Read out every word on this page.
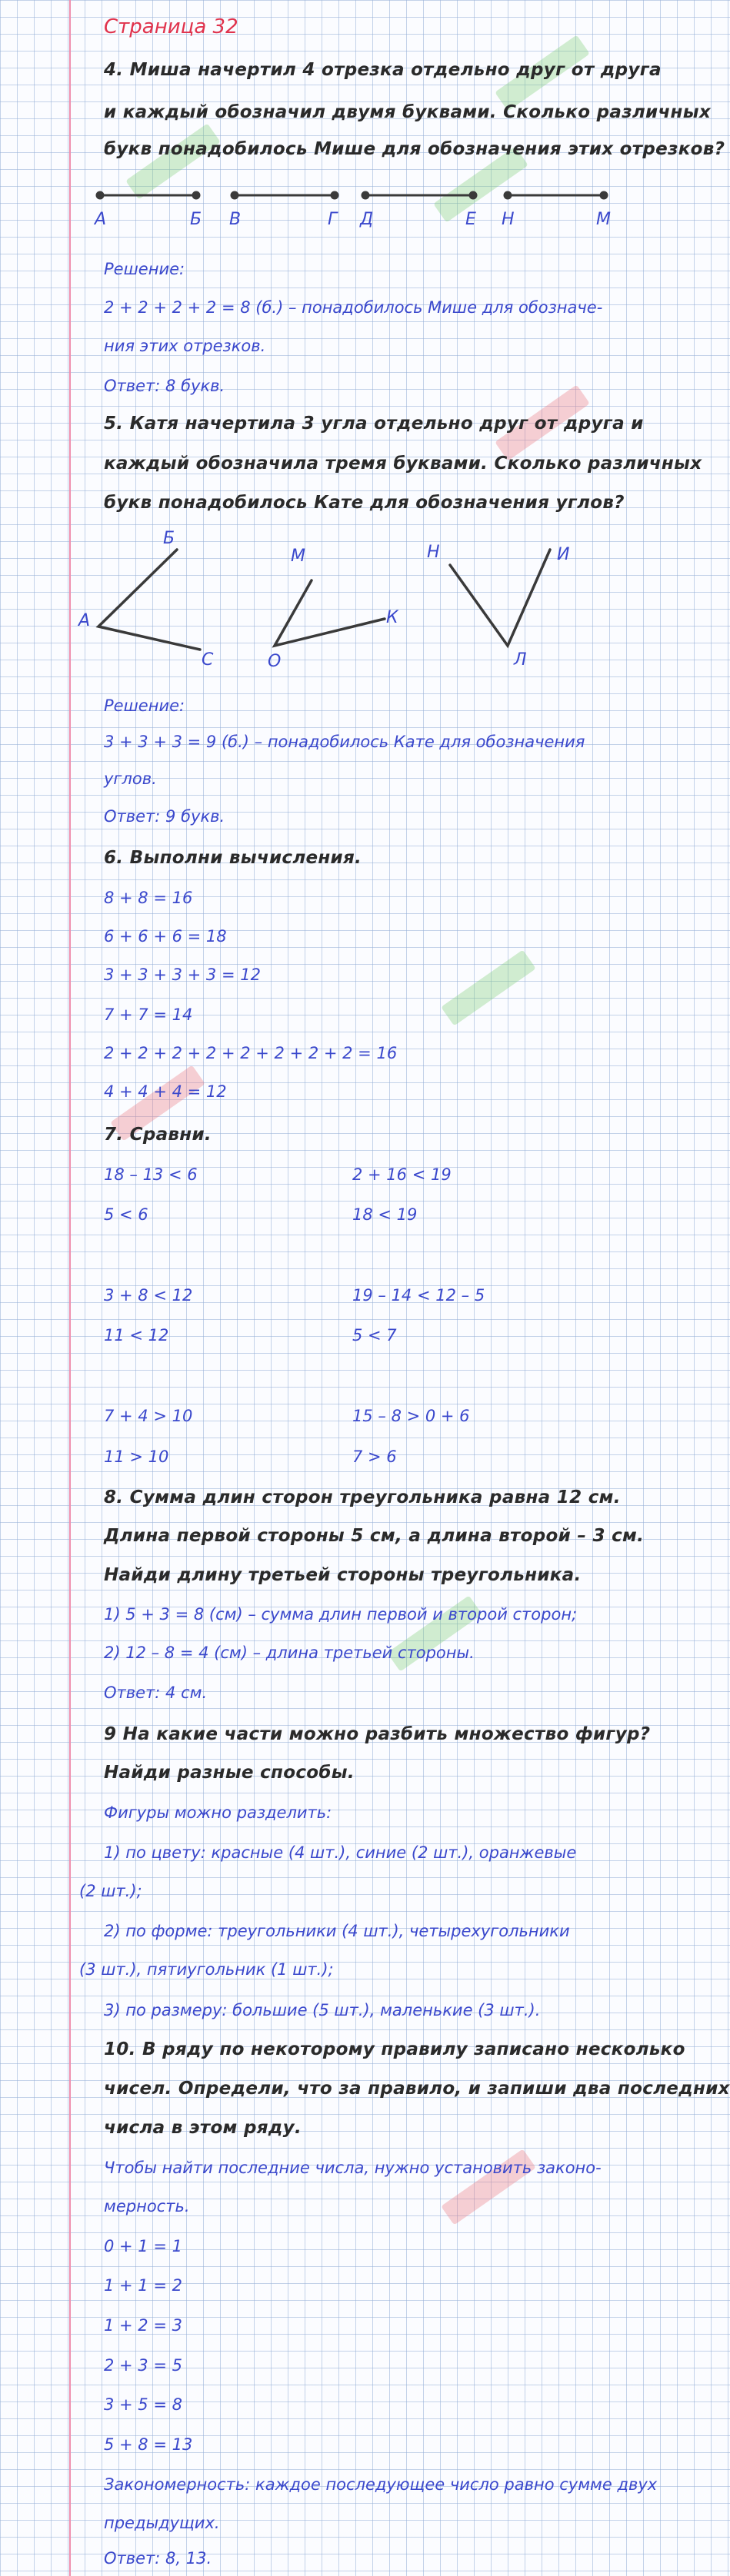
Страница 32
4. Миша начертил 4 отрезка отдельно друг от друга
и каждый обозначил двумя буквами. Сколько различных
букв понадобилось Мише для обозначения этих отрезков?
А	Б В	Г Д	Е Н	М
Решение:
2 + 2 + 2 + 2 = 8 (б.) – понадобилось Мише для обозначе-
ния этих отрезков.
Ответ: 8 букв.
5. Катя начертила 3 угла отдельно друг от друга и
каждый обозначила тремя буквами. Сколько различных
букв понадобилось Кате для обозначения углов?
Б
А
С
М
О
К
Н	И
Л
Решение:
3 + 3 + 3 = 9 (б.) – понадобилось Кате для обозначения
углов.
Ответ: 9 букв.
6. Выполни вычисления.
8 + 8 = 16
6 + 6 + 6 = 18
3 + 3 + 3 + 3 = 12
7 + 7 = 14
2 + 2 + 2 + 2 + 2 + 2 + 2 + 2 = 16
4 + 4 + 4 = 12
7. Сравни.
18 – 13 < 6	2 + 16 < 19
5 < 6	18 < 19
3 + 8 < 12	19 – 14 < 12 – 5
11 < 12	5 < 7
7 + 4 > 10	15 – 8 > 0 + 6
11 > 10	7 > 6
8. Сумма длин сторон треугольника равна 12 см.
Длина первой стороны 5 см, а длина второй – 3 см.
Найди длину третьей стороны треугольника.
1) 5 + 3 = 8 (см) – сумма длин первой и второй сторон;
2) 12 – 8 = 4 (см) – длина третьей стороны.
Ответ: 4 см.
9 На какие части можно разбить множество фигур?
Найди разные способы.
Фигуры можно разделить:
1) по цвету: красные (4 шт.), синие (2 шт.), оранжевые
(2 шт.);
2) по форме: треугольники (4 шт.), четырехугольники
(3 шт.), пятиугольник (1 шт.);
3) по размеру: большие (5 шт.), маленькие (3 шт.).
10. В ряду по некоторому правилу записано несколько
чисел. Определи, что за правило, и запиши два последних
числа в этом ряду.
Чтобы найти последние числа, нужно установить законо-
мерность.
0 + 1 = 1
1 + 1 = 2
1 + 2 = 3
2 + 3 = 5
3 + 5 = 8
5 + 8 = 13
Закономерность: каждое последующее число равно сумме двух
предыдущих.
Ответ: 8, 13.
